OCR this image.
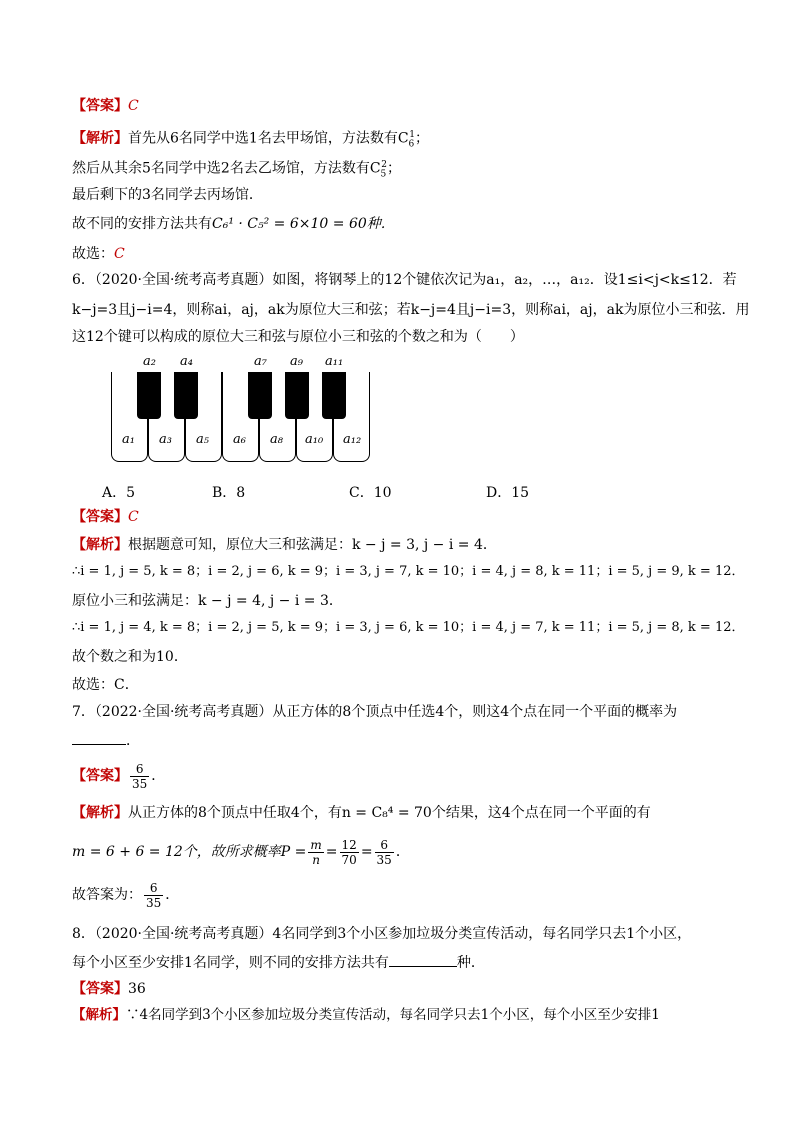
【答案】C
【解析】首先从6名同学中选1名去甲场馆，方法数有$C_6^1$；
然后从其余5名同学中选2名去乙场馆，方法数有$C_5^2$；
最后剩下的3名同学去丙场馆．
故不同的安排方法共有C₆¹ · C₅² = 6×10 = 60种．
故选：C
6．（2020·全国·统考高考真题）如图，将钢琴上的12个键依次记为a₁，a₂，…，a₁₂．设1≤i<j<k≤12．若
k−j=3且j−i=4，则称ai，aj，ak为原位大三和弦；若k−j=4且j−i=3，则称ai，aj，ak为原位小三和弦．用
这12个键可以构成的原位大三和弦与原位小三和弦的个数之和为（　　）
a₂ a₄	a₇ a₉ a₁₁
a₁ a₃ a₅ a₆ a₈ a₁₀ a₁₂
A．5	B．8	C．10	D．15
【答案】C
【解析】根据题意可知，原位大三和弦满足：k − j = 3, j − i = 4．
∴i = 1, j = 5, k = 8；i = 2, j = 6, k = 9；i = 3, j = 7, k = 10；i = 4, j = 8, k = 11；i = 5, j = 9, k = 12．
原位小三和弦满足：k − j = 4, j − i = 3．
∴i = 1, j = 4, k = 8；i = 2, j = 5, k = 9；i = 3, j = 6, k = 10；i = 4, j = 7, k = 11；i = 5, j = 8, k = 12．
故个数之和为10．
故选：C．
7．（2022·全国·统考高考真题）从正方体的8个顶点中任选4个，则这4个点在同一个平面的概率为
．
【答案】 $\frac{6}{35}$ ．
【解析】从正方体的8个顶点中任取4个，有n = C₈⁴ = 70个结果，这4个点在同一个平面的有
m = 6 + 6 = 12个，故所求概率$P = \frac{m}{n} = \frac{12}{70} = \frac{6}{35}$ ．
故答案为： $\frac{6}{35}$ ．
8．（2020·全国·统考高考真题）4名同学到3个小区参加垃圾分类宣传活动，每名同学只去1个小区，
每个小区至少安排1名同学，则不同的安排方法共有	种．
【答案】36
【解析】∵4名同学到3个小区参加垃圾分类宣传活动，每名同学只去1个小区，每个小区至少安排1
